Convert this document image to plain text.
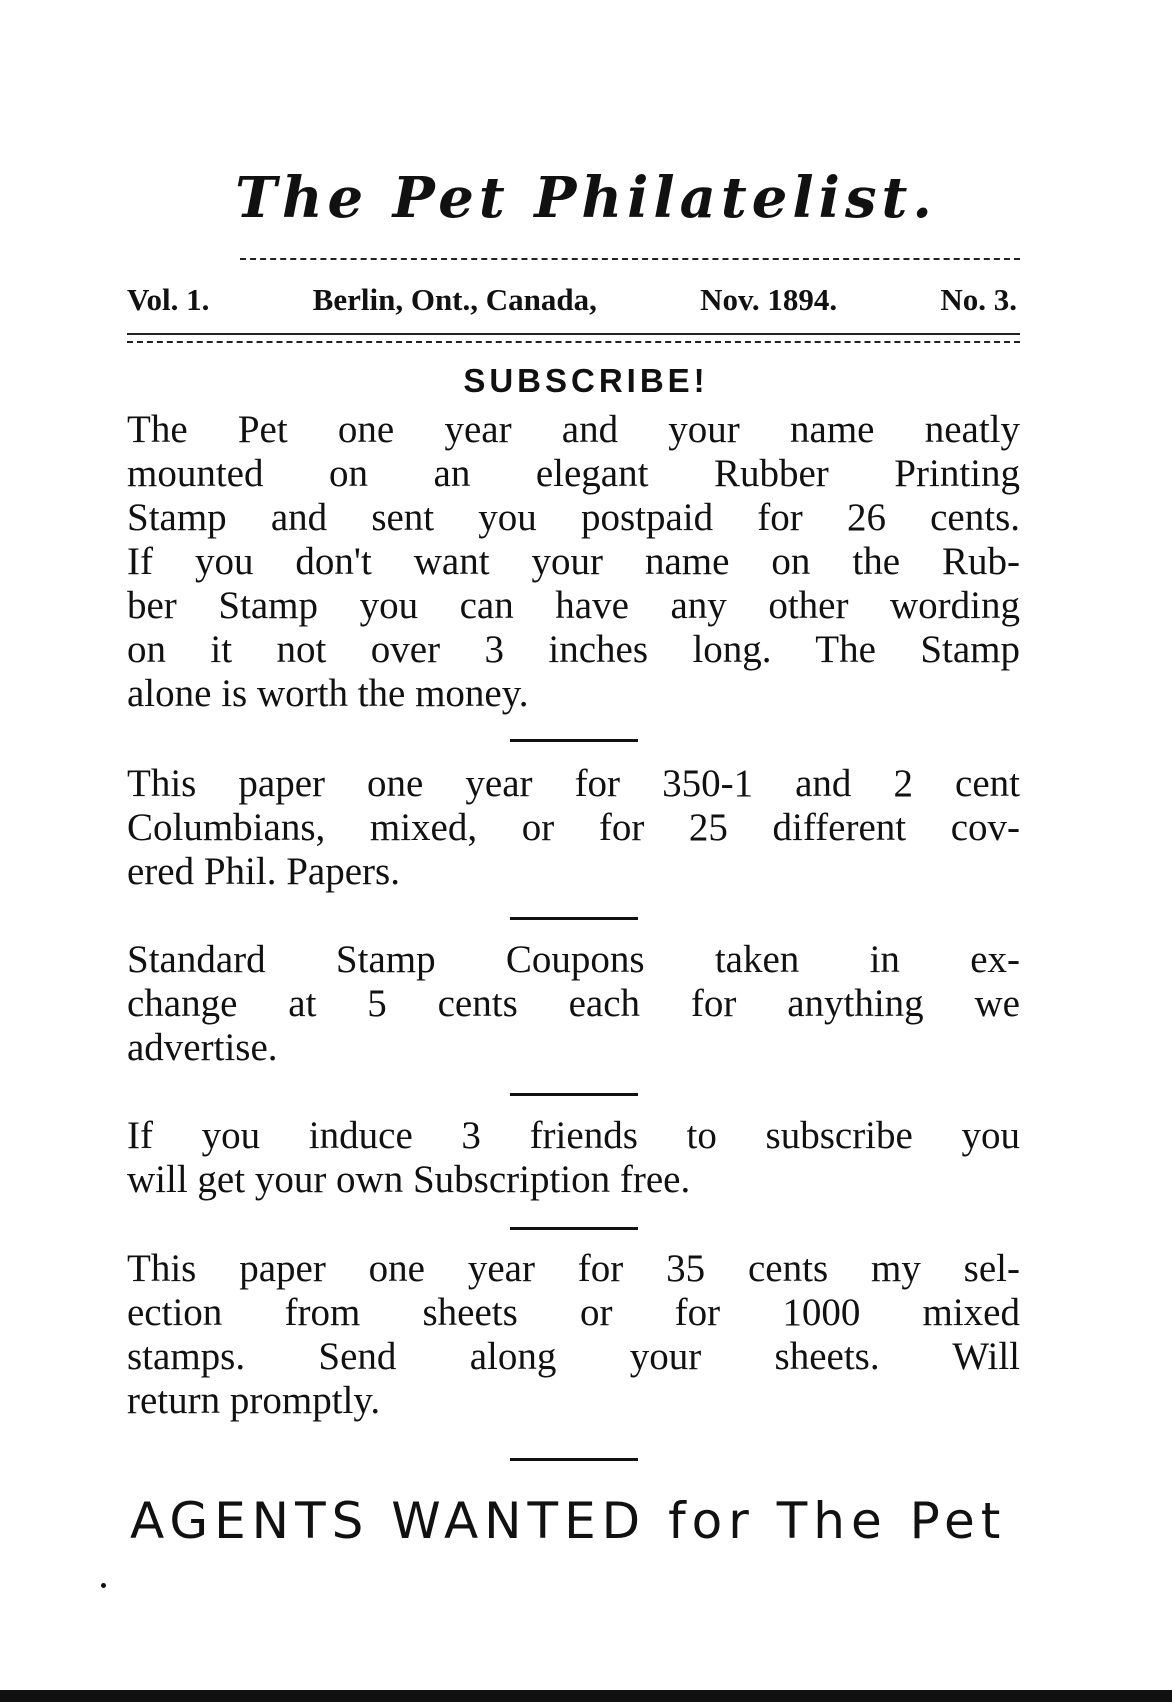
The Pet Philatelist.
Vol. 1.	Berlin, Ont., Canada,	Nov. 1894.	No. 3.
SUBSCRIBE!

The Pet one year and your name neatly
mounted on an elegant Rubber Printing
Stamp and sent you postpaid for 26 cents.
If you don't want your name on the Rub-
ber Stamp you can have any other wording
on it not over 3 inches long. The Stamp
alone is worth the money.

This paper one year for 350-1 and 2 cent
Columbians, mixed, or for 25 different cov-
ered Phil. Papers.

Standard Stamp Coupons taken in ex-
change at 5 cents each for anything we
advertise.

If you induce 3 friends to subscribe you
will get your own Subscription free.

This paper one year for 35 cents my sel-
ection from sheets or for 1000 mixed
stamps. Send along your sheets. Will
return promptly.

AGENTS WANTED for The Pet
